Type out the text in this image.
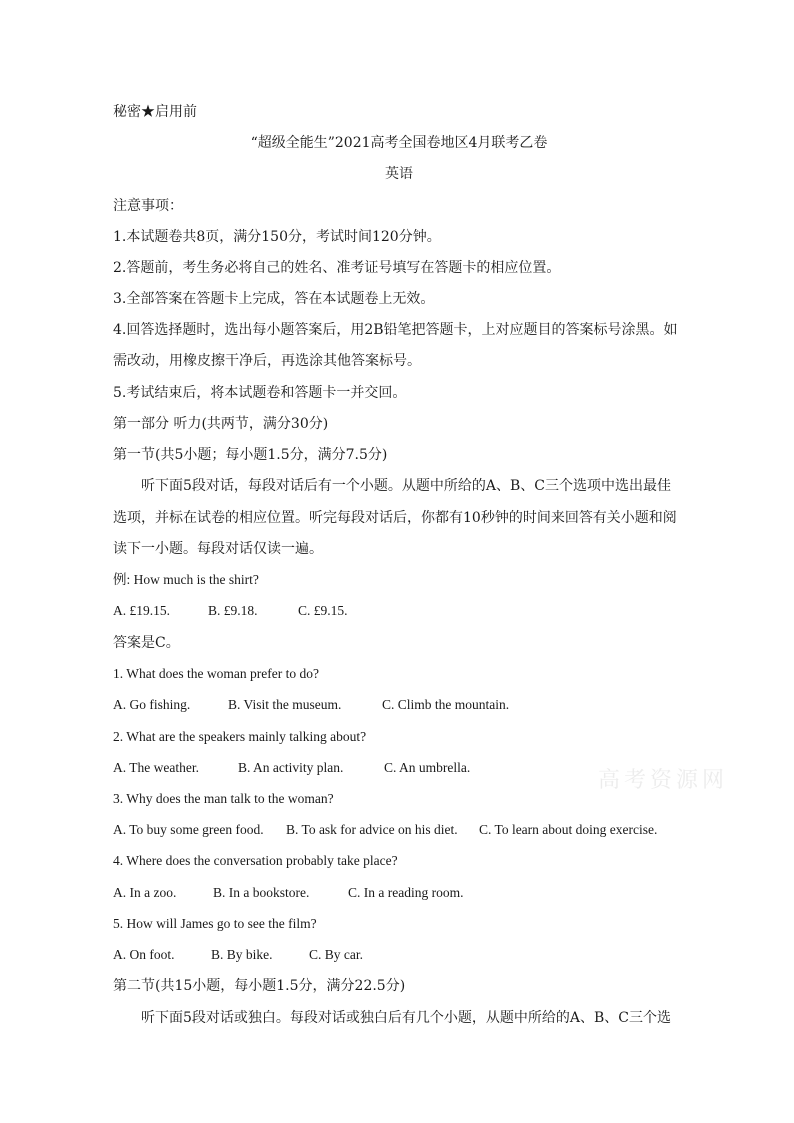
高考资源网
秘密★启用前
“超级全能生”2021高考全国卷地区4月联考乙卷
英语
注意事项：
1.本试题卷共8页，满分150分，考试时间120分钟。
2.答题前，考生务必将自己的姓名、准考证号填写在答题卡的相应位置。
3.全部答案在答题卡上完成，答在本试题卷上无效。
4.回答选择题时，选出每小题答案后，用2B铅笔把答题卡，上对应题目的答案标号涂黑。如
需改动，用橡皮擦干净后，再选涂其他答案标号。
5.考试结束后，将本试题卷和答题卡一并交回。
第一部分 听力(共两节，满分30分)
第一节(共5小题；每小题1.5分，满分7.5分)
听下面5段对话，每段对话后有一个小题。从题中所给的A、B、C三个选项中选出最佳
选项，并标在试卷的相应位置。听完每段对话后，你都有10秒钟的时间来回答有关小题和阅
读下一小题。每段对话仅读一遍。
例: How much is the shirt?
A. £19.15.	B. £9.18.	C. £9.15.
答案是C。
1. What does the woman prefer to do?
A. Go fishing.	B. Visit the museum.	C. Climb the mountain.
2. What are the speakers mainly talking about?
A. The weather.	B. An activity plan.	C. An umbrella.
3. Why does the man talk to the woman?
A. To buy some green food. B. To ask for advice on his diet. C. To learn about doing exercise.
4. Where does the conversation probably take place?
A. In a zoo.	B. In a bookstore.	C. In a reading room.
5. How will James go to see the film?
A. On foot.	B. By bike.	C. By car.
第二节(共15小题，每小题1.5分，满分22.5分)
听下面5段对话或独白。每段对话或独白后有几个小题，从题中所给的A、B、C三个选
